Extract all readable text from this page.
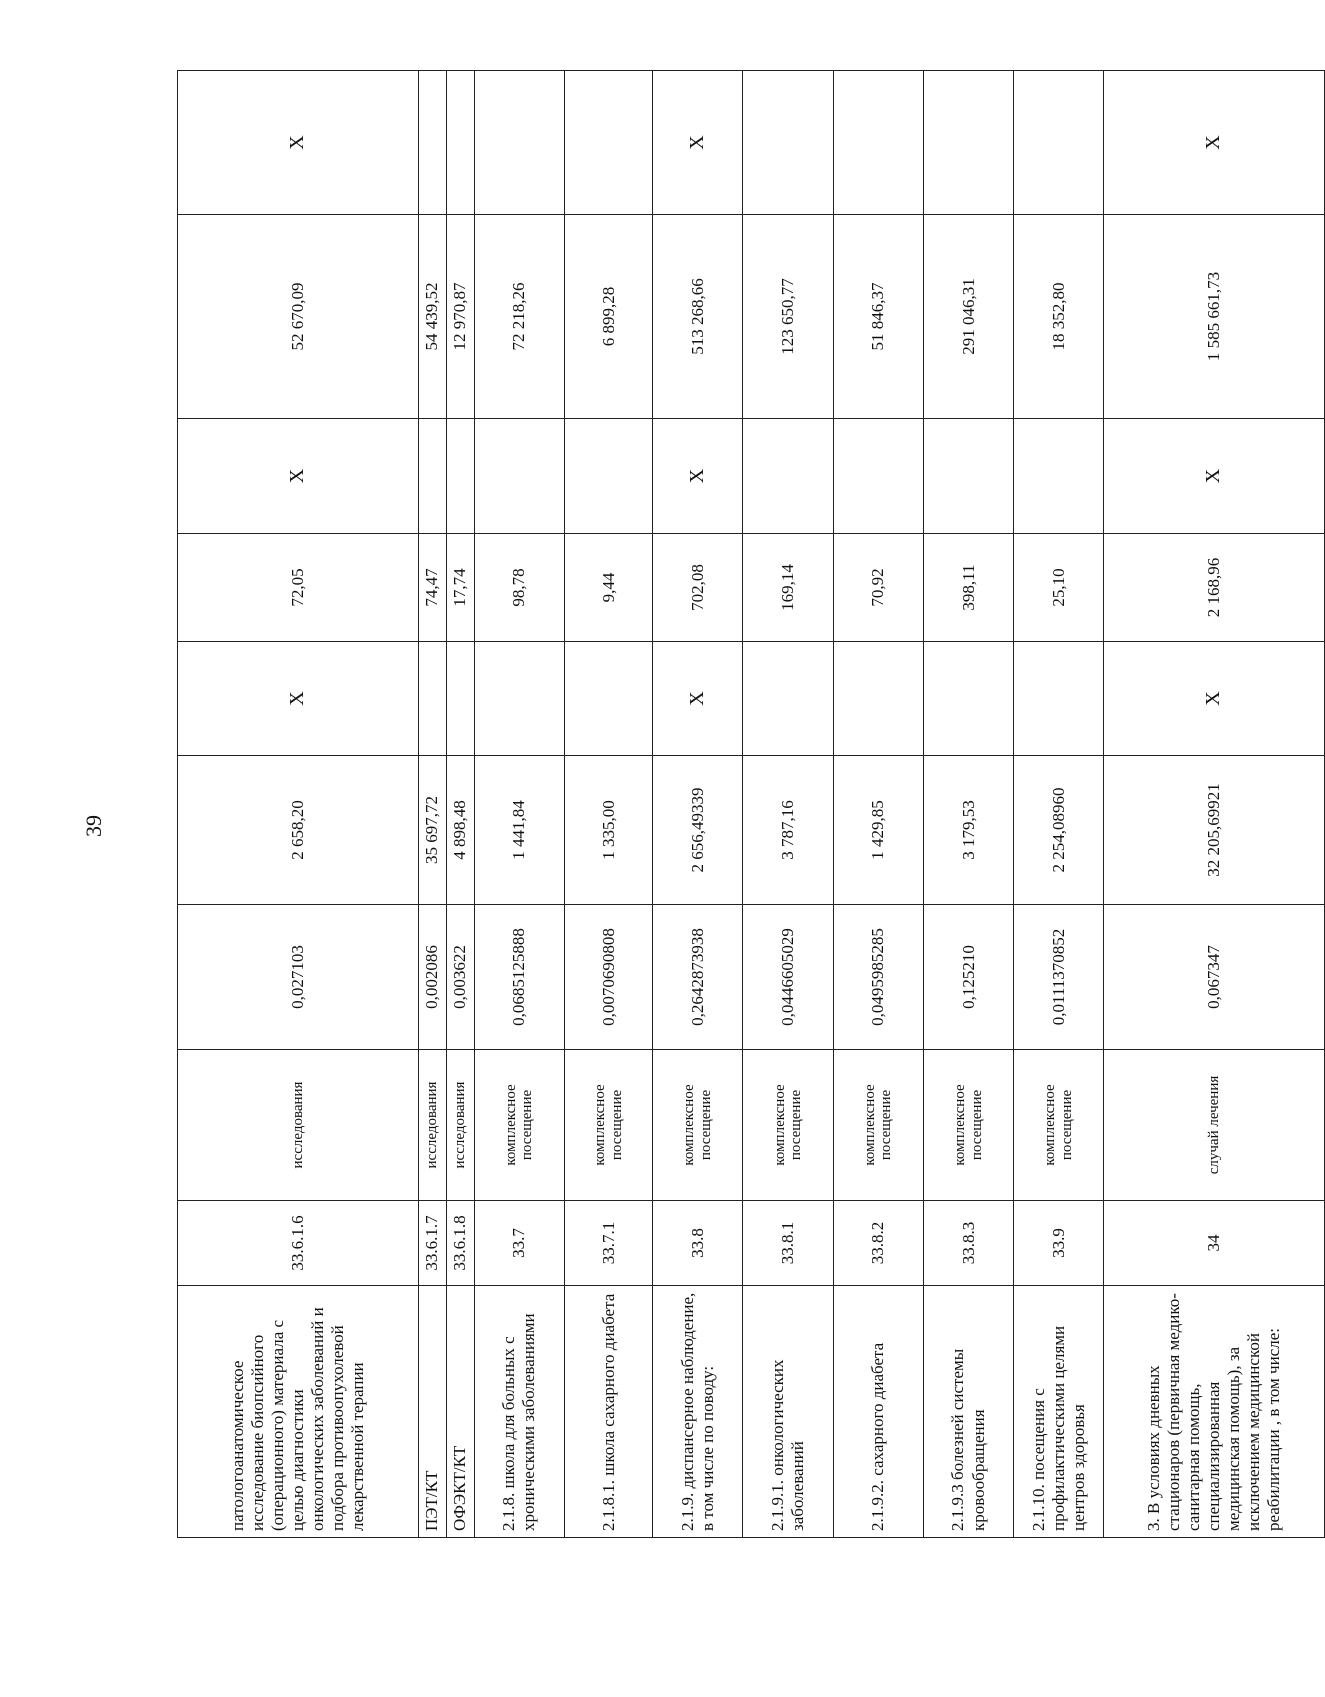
39
патологоанатомическое исследование биопсийного (операционного) материала с целью диагностики онкологических заболеваний и подбора противоопухолевой лекарственной терапии	33.6.1.6	исследования	0,027103	2 658,20	X	72,05	X	52 670,09	X
ПЭТ/КТ	33.6.1.7	исследования	0,002086	35 697,72		74,47		54 439,52	
ОФЭКТ/КТ	33.6.1.8	исследования	0,003622	4 898,48		17,74		12 970,87	
2.1.8. школа для больных с хроническими заболеваниями	33.7	комплексное посещение	0,0685125888	1 441,84		98,78		72 218,26	
2.1.8.1. школа сахарного диабета	33.7.1	комплексное посещение	0,0070690808	1 335,00		9,44		6 899,28	
2.1.9. диспансерное наблюдение, в том числе по поводу:	33.8	комплексное посещение	0,2642873938	2 656,49339	X	702,08	X	513 268,66	X
2.1.9.1. онкологических заболеваний	33.8.1	комплексное посещение	0,0446605029	3 787,16		169,14		123 650,77	
2.1.9.2. сахарного диабета	33.8.2	комплексное посещение	0,0495985285	1 429,85		70,92		51 846,37	
2.1.9.3 болезней системы кровообращения	33.8.3	комплексное посещение	0,125210	3 179,53		398,11		291 046,31	
2.1.10. посещения с профилактическими целями центров здоровья	33.9	комплексное посещение	0,0111370852	2 254,08960		25,10		18 352,80	
3. В условиях дневных стационаров (первичная медико-санитарная помощь, специализированная медицинская помощь), за исключением медицинской реабилитации , в том числе:	34	случай лечения	0,067347	32 205,69921	X	2 168,96	X	1 585 661,73	X
